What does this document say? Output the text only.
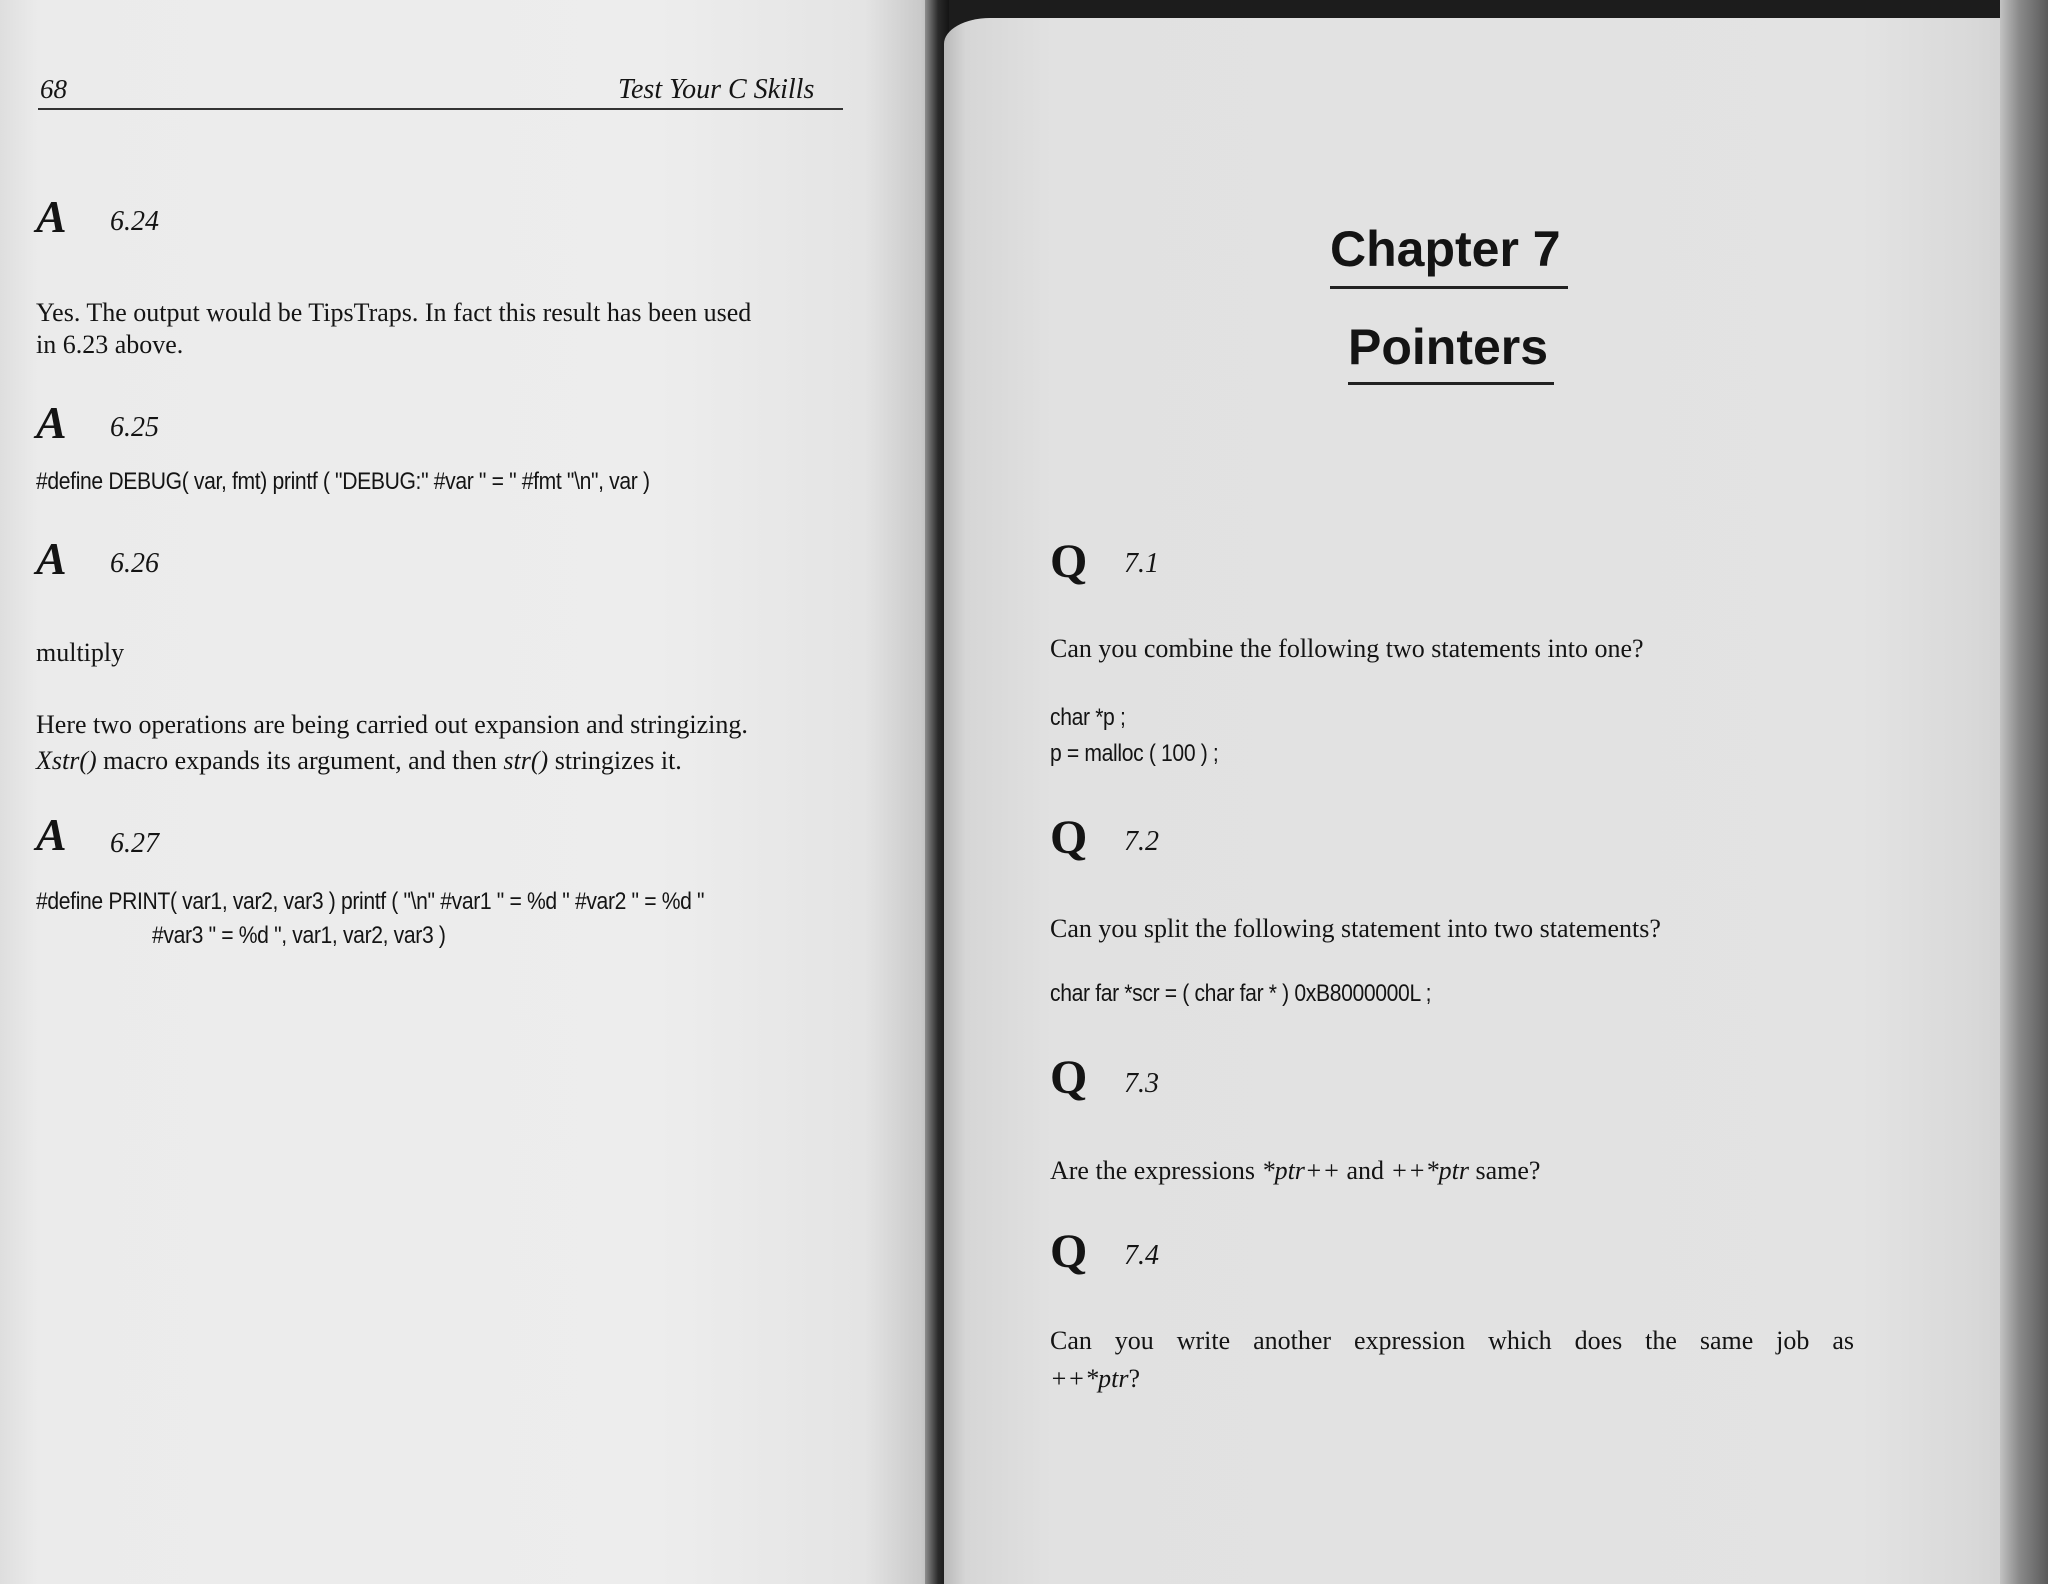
68	Test Your C Skills
A 6.24
Yes. The output would be TipsTraps. In fact this result has been used
in 6.23 above.
A 6.25
#define DEBUG( var, fmt) printf ( "DEBUG:" #var " = " #fmt "\n", var )
A 6.26
multiply
Here two operations are being carried out expansion and stringizing.
Xstr() macro expands its argument, and then str() stringizes it.
A 6.27
#define PRINT( var1, var2, var3 ) printf ( "\n" #var1 " = %d " #var2 " = %d "
#var3 " = %d ", var1, var2, var3 )
Chapter 7
Pointers
Q 7.1
Can you combine the following two statements into one?
char *p ;
p = malloc ( 100 ) ;
Q 7.2
Can you split the following statement into two statements?
char far *scr = ( char far * ) 0xB8000000L ;
Q 7.3
Are the expressions *ptr++ and ++*ptr same?
Q 7.4
Can you write another expression which does the same job as
++*ptr?
